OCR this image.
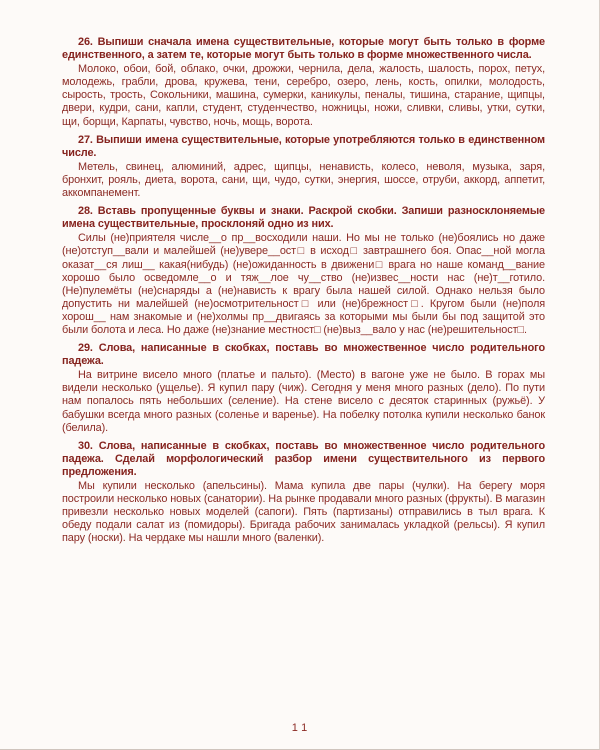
26. Выпиши сначала имена существительные, которые могут быть только в форме единственного, а затем те, которые могут быть только в форме множественного числа.

Молоко, обои, бой, облако, очки, дрожжи, чернила, дела, жалость, шалость, порох, петух, молодежь, грабли, дрова, кружева, тени, серебро, озеро, лень, кость, опилки, молодость, сырость, трость, Сокольники, машина, сумерки, каникулы, пеналы, тишина, старание, щипцы, двери, кудри, сани, капли, студент, студенчество, ножницы, ножи, сливки, сливы, утки, сутки, щи, борщи, Карпаты, чувство, ночь, мощь, ворота.

27. Выпиши имена существительные, которые употребляются только в единственном числе.

Метель, свинец, алюминий, адрес, щипцы, ненависть, колесо, неволя, музыка, заря, бронхит, рояль, диета, ворота, сани, щи, чудо, сутки, энергия, шоссе, отруби, аккорд, аппетит, аккомпанемент.

28. Вставь пропущенные буквы и знаки. Раскрой скобки. Запиши разносклоняемые имена существительные, просклоняй одно из них.

Силы (не)приятеля числе__о пр__восходили наши. Но мы не только (не)боялись но даже (не)отступ__вали и малейшей (не)увере__ост□ в исход□ завтрашнего боя. Опас__ной могла оказат__ся лиш__ какая(нибудь) (не)ожиданность в движени□ врага но наше команд__вание хорошо было осведомле__о и тяж__лое чу__ство (не)извес__ности нас (не)т__готило. (Не)пулемёты (не)снаряды а (не)нависть к врагу была нашей силой. Однако нельзя было допустить ни малейшей (не)осмотрительност□ или (не)брежност□. Кругом были (не)поля хорош__ нам знакомые и (не)холмы пр__двигаясь за которыми мы были бы под защитой это были болота и леса. Но даже (не)знание местност□ (не)выз__вало у нас (не)решительност□.

29. Слова, написанные в скобках, поставь во множественное число родительного падежа.

На витрине висело много (платье и пальто). (Место) в вагоне уже не было. В горах мы видели несколько (ущелье). Я купил пару (чиж). Сегодня у меня много разных (дело). По пути нам попалось пять небольших (селение). На стене висело с десяток старинных (ружьё). У бабушки всегда много разных (соленье и варенье). На побелку потолка купили несколько банок (белила).

30. Слова, написанные в скобках, поставь во множественное число родительного падежа. Сделай морфологический разбор имени существительного из первого предложения.

Мы купили несколько (апельсины). Мама купила две пары (чулки). На берегу моря построили несколько новых (санатории). На рынке продавали много разных (фрукты). В магазин привезли несколько новых моделей (сапоги). Пять (партизаны) отправились в тыл врага. К обеду подали салат из (помидоры). Бригада рабочих занималась укладкой (рельсы). Я купил пару (носки). На чердаке мы нашли много (валенки).

11
